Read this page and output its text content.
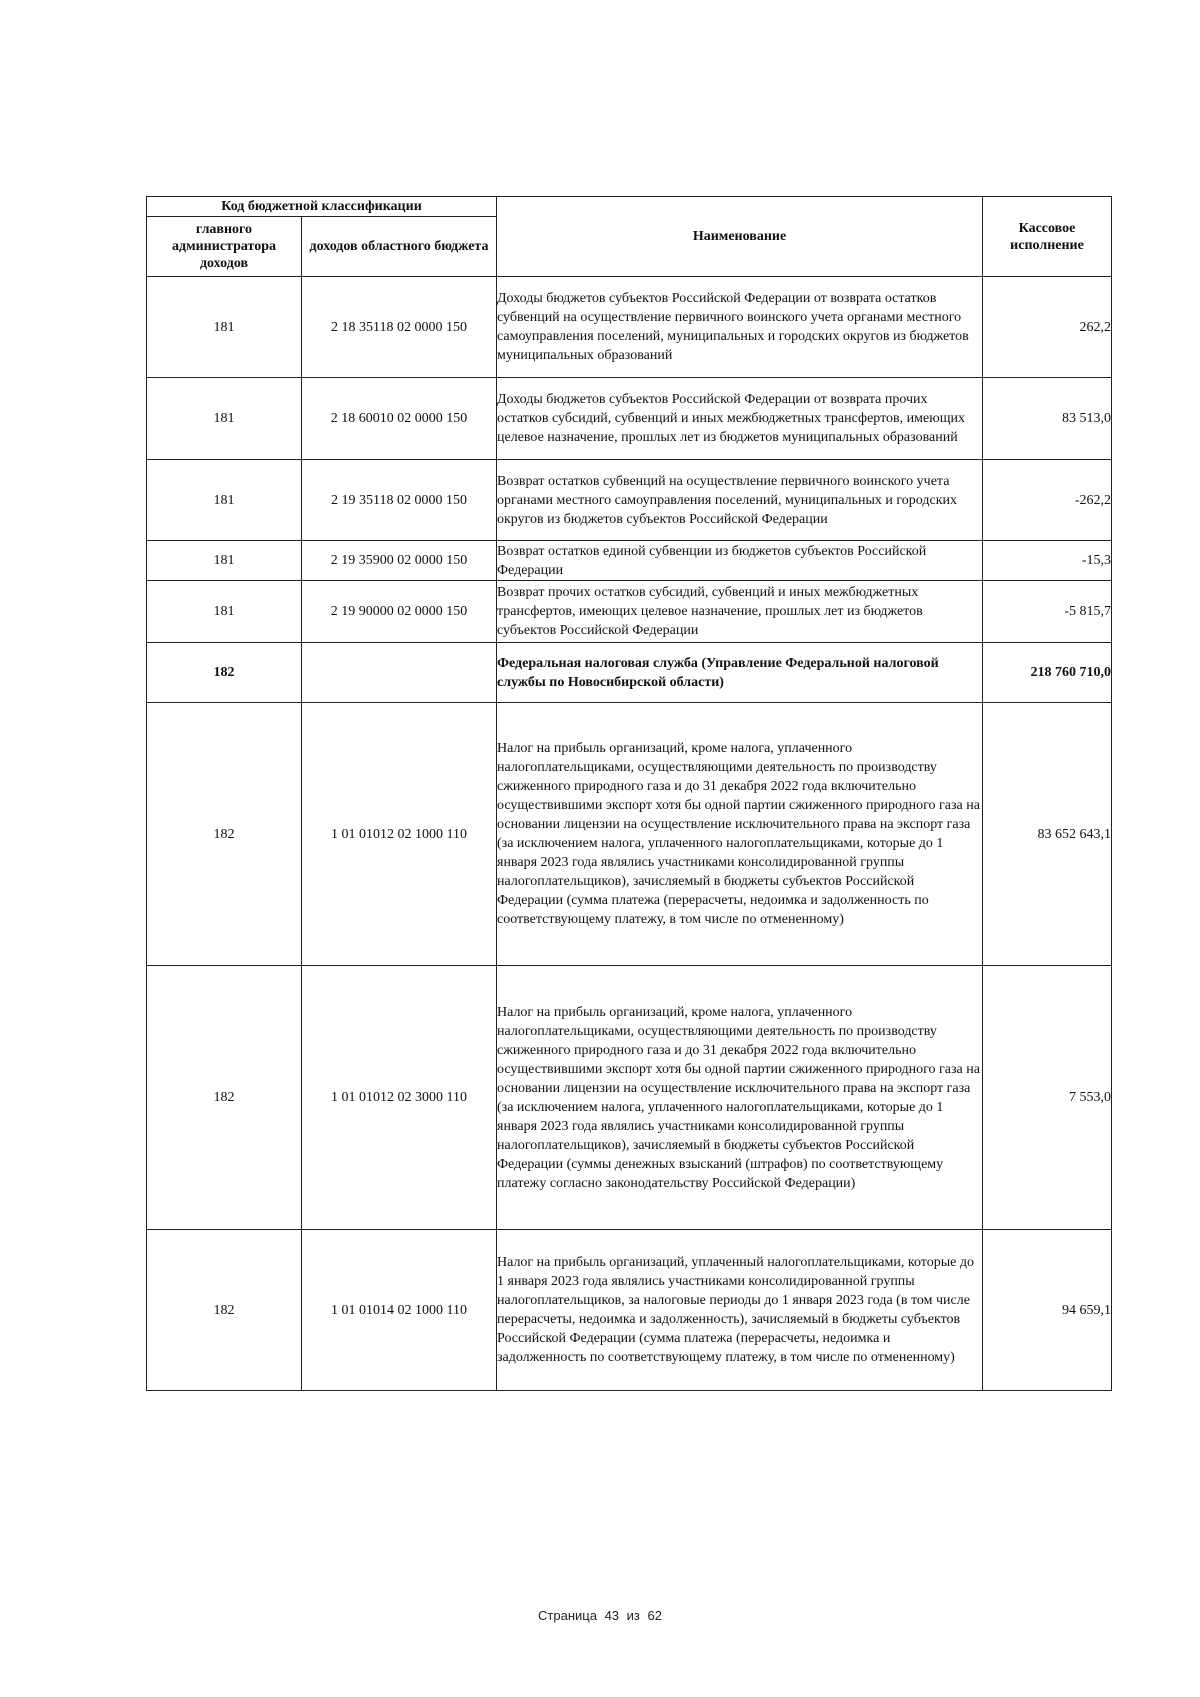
Код бюджетной классификации		Наименование	Кассовое исполнение
главного администратора доходов	доходов областного бюджета		
181	2 18 35118 02 0000 150	Доходы бюджетов субъектов Российской Федерации от возврата остатков субвенций на осуществление первичного воинского учета органами местного самоуправления поселений, муниципальных и городских округов из бюджетов муниципальных образований	262,2
181	2 18 60010 02 0000 150	Доходы бюджетов субъектов Российской Федерации от возврата прочих остатков субсидий, субвенций и иных межбюджетных трансфертов, имеющих целевое назначение, прошлых лет из бюджетов муниципальных образований	83 513,0
181	2 19 35118 02 0000 150	Возврат остатков субвенций на осуществление первичного воинского учета органами местного самоуправления поселений, муниципальных и городских округов из бюджетов субъектов Российской Федерации	-262,2
181	2 19 35900 02 0000 150	Возврат остатков единой субвенции из бюджетов субъектов Российской Федерации	-15,3
181	2 19 90000 02 0000 150	Возврат прочих остатков субсидий, субвенций и иных межбюджетных трансфертов, имеющих целевое назначение, прошлых лет из бюджетов субъектов Российской Федерации	-5 815,7
182		Федеральная налоговая служба (Управление Федеральной налоговой службы по Новосибирской области)	218 760 710,0
182	1 01 01012 02 1000 110	Налог на прибыль организаций, кроме налога, уплаченного налогоплательщиками, осуществляющими деятельность по производству сжиженного природного газа и до 31 декабря 2022 года включительно осуществившими экспорт хотя бы одной партии сжиженного природного газа на основании лицензии на осуществление исключительного права на экспорт газа (за исключением налога, уплаченного налогоплательщиками, которые до 1 января 2023 года являлись участниками консолидированной группы налогоплательщиков), зачисляемый в бюджеты субъектов Российской Федерации (сумма платежа (перерасчеты, недоимка и задолженность по соответствующему платежу, в том числе по отмененному)	83 652 643,1
182	1 01 01012 02 3000 110	Налог на прибыль организаций, кроме налога, уплаченного налогоплательщиками, осуществляющими деятельность по производству сжиженного природного газа и до 31 декабря 2022 года включительно осуществившими экспорт хотя бы одной партии сжиженного природного газа на основании лицензии на осуществление исключительного права на экспорт газа (за исключением налога, уплаченного налогоплательщиками, которые до 1 января 2023 года являлись участниками консолидированной группы налогоплательщиков), зачисляемый в бюджеты субъектов Российской Федерации (суммы денежных взысканий (штрафов) по соответствующему платежу согласно законодательству Российской Федерации)	7 553,0
182	1 01 01014 02 1000 110	Налог на прибыль организаций, уплаченный налогоплательщиками, которые до 1 января 2023 года являлись участниками консолидированной группы налогоплательщиков, за налоговые периоды до 1 января 2023 года (в том числе перерасчеты, недоимка и задолженность), зачисляемый в бюджеты субъектов Российской Федерации (сумма платежа (перерасчеты, недоимка и задолженность по соответствующему платежу, в том числе по отмененному)	94 659,1
Страница 43 из 62
